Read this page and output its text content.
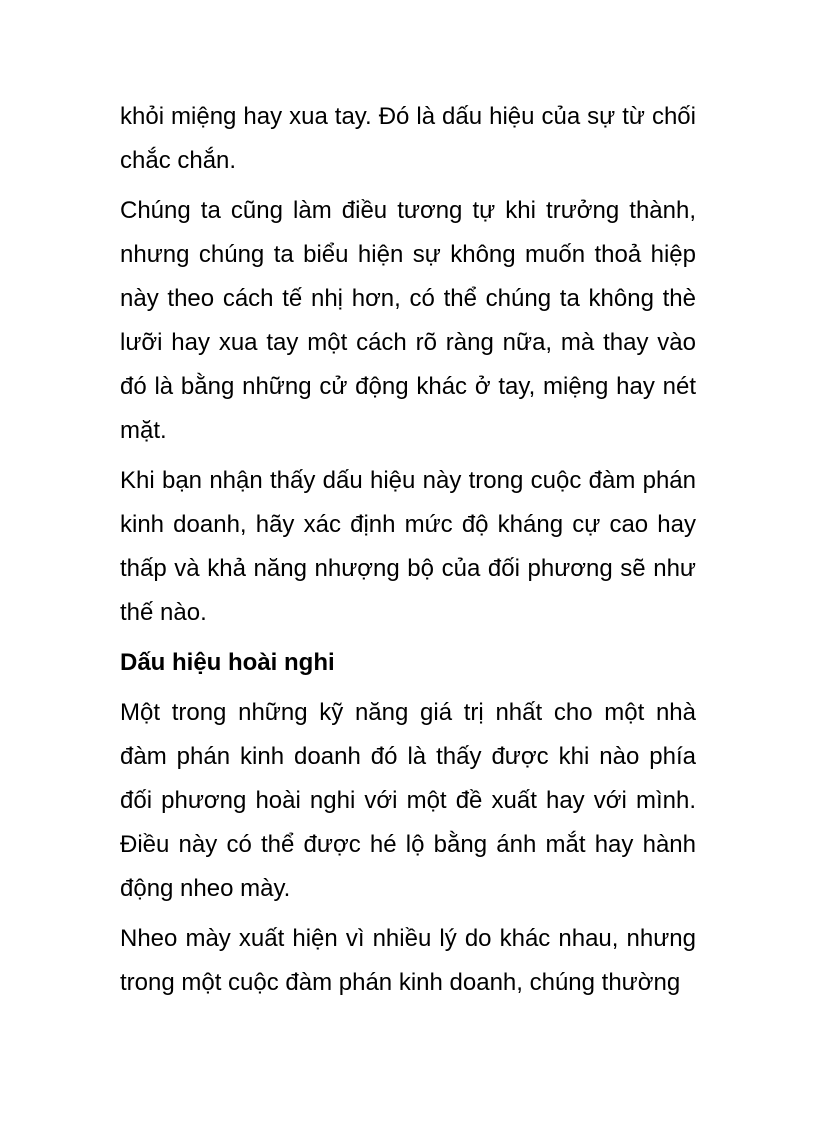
khỏi miệng hay xua tay. Đó là dấu hiệu của sự từ chối chắc chắn.

Chúng ta cũng làm điều tương tự khi trưởng thành, nhưng chúng ta biểu hiện sự không muốn thoả hiệp này theo cách tế nhị hơn, có thể chúng ta không thè lưỡi hay xua tay một cách rõ ràng nữa, mà thay vào đó là bằng những cử động khác ở tay, miệng hay nét mặt.

Khi bạn nhận thấy dấu hiệu này trong cuộc đàm phán kinh doanh, hãy xác định mức độ kháng cự cao hay thấp và khả năng nhượng bộ của đối phương sẽ như thế nào.

Dấu hiệu hoài nghi

Một trong những kỹ năng giá trị nhất cho một nhà đàm phán kinh doanh đó là thấy được khi nào phía đối phương hoài nghi với một đề xuất hay với mình. Điều này có thể được hé lộ bằng ánh mắt hay hành động nheo mày.

Nheo mày xuất hiện vì nhiều lý do khác nhau, nhưng trong một cuộc đàm phán kinh doanh, chúng thường
